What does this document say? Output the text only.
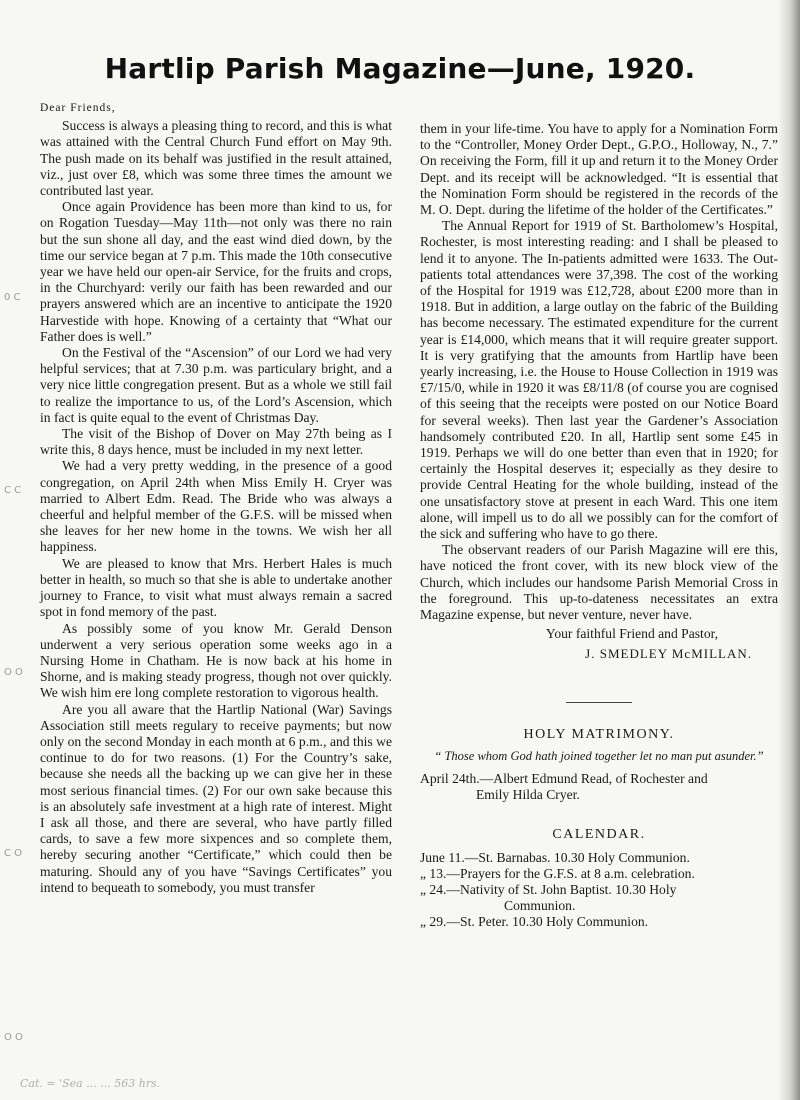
Hartlip Parish Magazine—June, 1920.
Dear Friends,

Success is always a pleasing thing to record, and this is what was attained with the Central Church Fund effort on May 9th. The push made on its behalf was justified in the result attained, viz., just over £8, which was some three times the amount we contributed last year.

Once again Providence has been more than kind to us, for on Rogation Tuesday—May 11th—not only was there no rain but the sun shone all day, and the east wind died down, by the time our service began at 7 p.m. This made the 10th consecutive year we have held our open-air Service, for the fruits and crops, in the Churchyard: verily our faith has been rewarded and our prayers answered which are an incentive to anticipate the 1920 Harvestide with hope. Knowing of a certainty that “What our Father does is well.”

On the Festival of the “Ascension” of our Lord we had very helpful services; that at 7.30 p.m. was particulary bright, and a very nice little congregation present. But as a whole we still fail to realize the importance to us, of the Lord’s Ascension, which in fact is quite equal to the event of Christmas Day.

The visit of the Bishop of Dover on May 27th being as I write this, 8 days hence, must be included in my next letter.

We had a very pretty wedding, in the presence of a good congregation, on April 24th when Miss Emily H. Cryer was married to Albert Edm. Read. The Bride who was always a cheerful and helpful member of the G.F.S. will be missed when she leaves for her new home in the towns. We wish her all happiness.

We are pleased to know that Mrs. Herbert Hales is much better in health, so much so that she is able to undertake another journey to France, to visit what must always remain a sacred spot in fond memory of the past.

As possibly some of you know Mr. Gerald Denson underwent a very serious operation some weeks ago in a Nursing Home in Chatham. He is now back at his home in Shorne, and is making steady progress, though not over quickly. We wish him ere long complete restoration to vigorous health.

Are you all aware that the Hartlip National (War) Savings Association still meets regulary to receive payments; but now only on the second Monday in each month at 6 p.m., and this we continue to do for two reasons. (1) For the Country’s sake, because she needs all the backing up we can give her in these most serious financial times. (2) For our own sake because this is an absolutely safe investment at a high rate of interest. Might I ask all those, and there are several, who have partly filled cards, to save a few more sixpences and so complete them, hereby securing another “Certificate,” which could then be maturing. Should any of you have “Savings Certificates” you intend to bequeath to somebody, you must transfer

them in your life-time. You have to apply for a Nomination Form to the “Controller, Money Order Dept., G.P.O., Holloway, N., 7.” On receiving the Form, fill it up and return it to the Money Order Dept. and its receipt will be acknowledged. “It is essential that the Nomination Form should be registered in the records of the M. O. Dept. during the lifetime of the holder of the Certificates.”

The Annual Report for 1919 of St. Bartholomew’s Hospital, Rochester, is most interesting reading: and I shall be pleased to lend it to anyone. The In-patients admitted were 1633. The Out-patients total attendances were 37,398. The cost of the working of the Hospital for 1919 was £12,728, about £200 more than in 1918. But in addition, a large outlay on the fabric of the Building has become necessary. The estimated expenditure for the current year is £14,000, which means that it will require greater support. It is very gratifying that the amounts from Hartlip have been yearly increasing, i.e. the House to House Collection in 1919 was £7/15/0, while in 1920 it was £8/11/8 (of course you are cognised of this seeing that the receipts were posted on our Notice Board for several weeks). Then last year the Gardener’s Association handsomely contributed £20. In all, Hartlip sent some £45 in 1919. Perhaps we will do one better than even that in 1920; for certainly the Hospital deserves it; especially as they desire to provide Central Heating for the whole building, instead of the one unsatisfactory stove at present in each Ward. This one item alone, will impell us to do all we possibly can for the comfort of the sick and suffering who have to go there.

The observant readers of our Parish Magazine will ere this, have noticed the front cover, with its new block view of the Church, which includes our handsome Parish Memorial Cross in the foreground. This up-to-dateness necessitates an extra Magazine expense, but never venture, never have.

Your faithful Friend and Pastor,

J. SMEDLEY McMILLAN.

HOLY MATRIMONY.
“ Those whom God hath joined together let no man put asunder.”

April 24th.—Albert Edmund Read, of Rochester and

Emily Hilda Cryer.

CALENDAR.

June 11.—St. Barnabas. 10.30 Holy Communion.

„ 13.—Prayers for the G.F.S. at 8 a.m. celebration.

„ 24.—Nativity of St. John Baptist. 10.30 Holy

Communion.

„ 29.—St. Peter. 10.30 Holy Communion.

0 C
C C
O O
C O
O O
Cat. = 'Sea ... ... 563 hrs.
